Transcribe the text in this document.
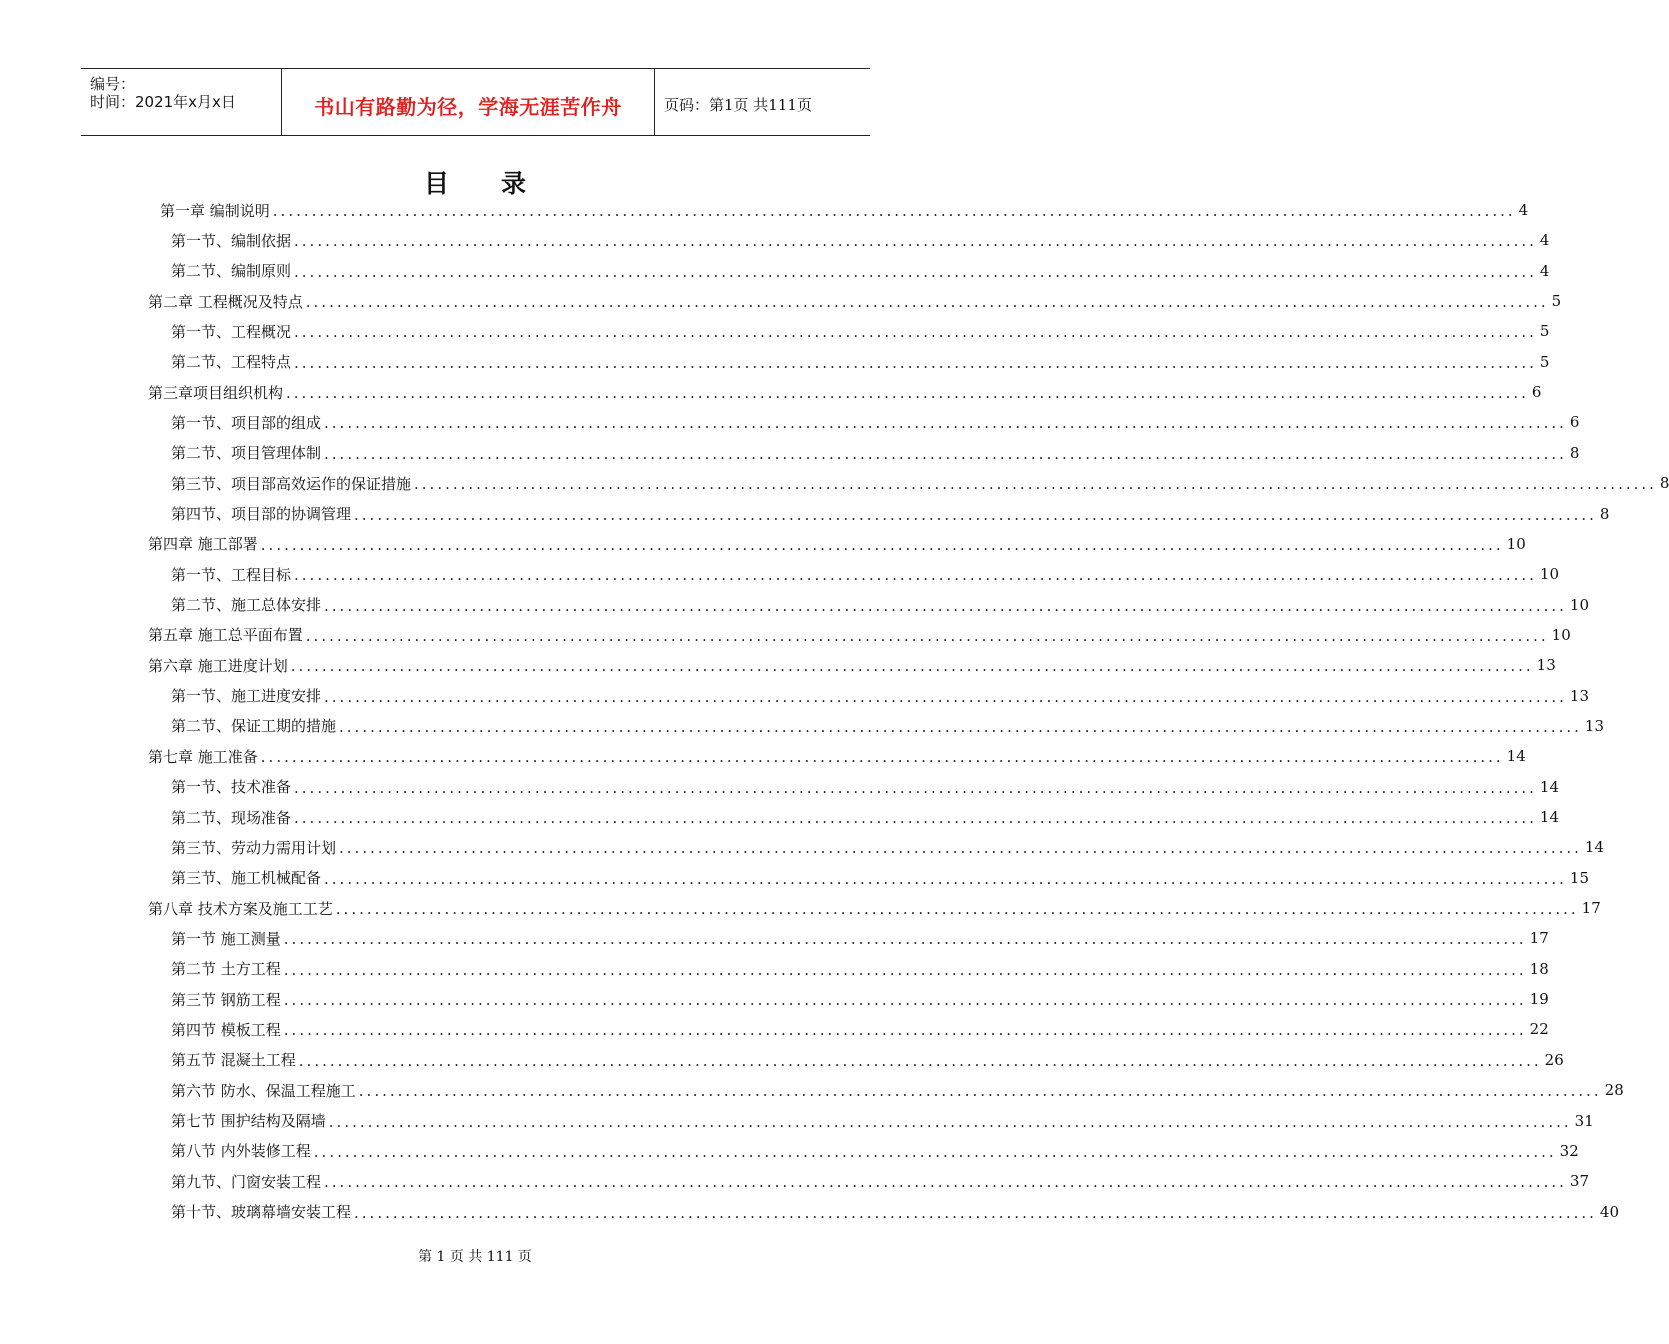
编号：
时间：2021年x月x日	书山有路勤为径，学海无涯苦作舟	页码：第1页 共111页
目 录
第一章 编制说明 ................................................................................................................................................................ 4
第一节、编制依据 ................................................................................................................................................................ 4
第二节、编制原则 ................................................................................................................................................................ 4
第二章 工程概况及特点 ................................................................................................................................................................ 5
第一节、工程概况 ................................................................................................................................................................ 5
第二节、工程特点 ................................................................................................................................................................ 5
第三章项目组织机构 ................................................................................................................................................................ 6
第一节、项目部的组成 ................................................................................................................................................................ 6
第二节、项目管理体制 ................................................................................................................................................................ 8
第三节、项目部高效运作的保证措施 ................................................................................................................................................................ 8
第四节、项目部的协调管理 ................................................................................................................................................................ 8
第四章 施工部署 ................................................................................................................................................................ 10
第一节、工程目标 ................................................................................................................................................................ 10
第二节、施工总体安排 ................................................................................................................................................................ 10
第五章 施工总平面布置 ................................................................................................................................................................ 10
第六章 施工进度计划 ................................................................................................................................................................ 13
第一节、施工进度安排 ................................................................................................................................................................ 13
第二节、保证工期的措施 ................................................................................................................................................................ 13
第七章 施工准备 ................................................................................................................................................................ 14
第一节、技术准备 ................................................................................................................................................................ 14
第二节、现场准备 ................................................................................................................................................................ 14
第三节、劳动力需用计划 ................................................................................................................................................................ 14
第三节、施工机械配备 ................................................................................................................................................................ 15
第八章 技术方案及施工工艺 ................................................................................................................................................................ 17
第一节 施工测量 ................................................................................................................................................................ 17
第二节 土方工程 ................................................................................................................................................................ 18
第三节 钢筋工程 ................................................................................................................................................................ 19
第四节 模板工程 ................................................................................................................................................................ 22
第五节 混凝土工程 ................................................................................................................................................................ 26
第六节 防水、保温工程施工 ................................................................................................................................................................ 28
第七节 围护结构及隔墙 ................................................................................................................................................................ 31
第八节 内外装修工程 ................................................................................................................................................................ 32
第九节、门窗安装工程 ................................................................................................................................................................ 37
第十节、玻璃幕墙安装工程 ................................................................................................................................................................ 40
第 1 页 共 111 页
